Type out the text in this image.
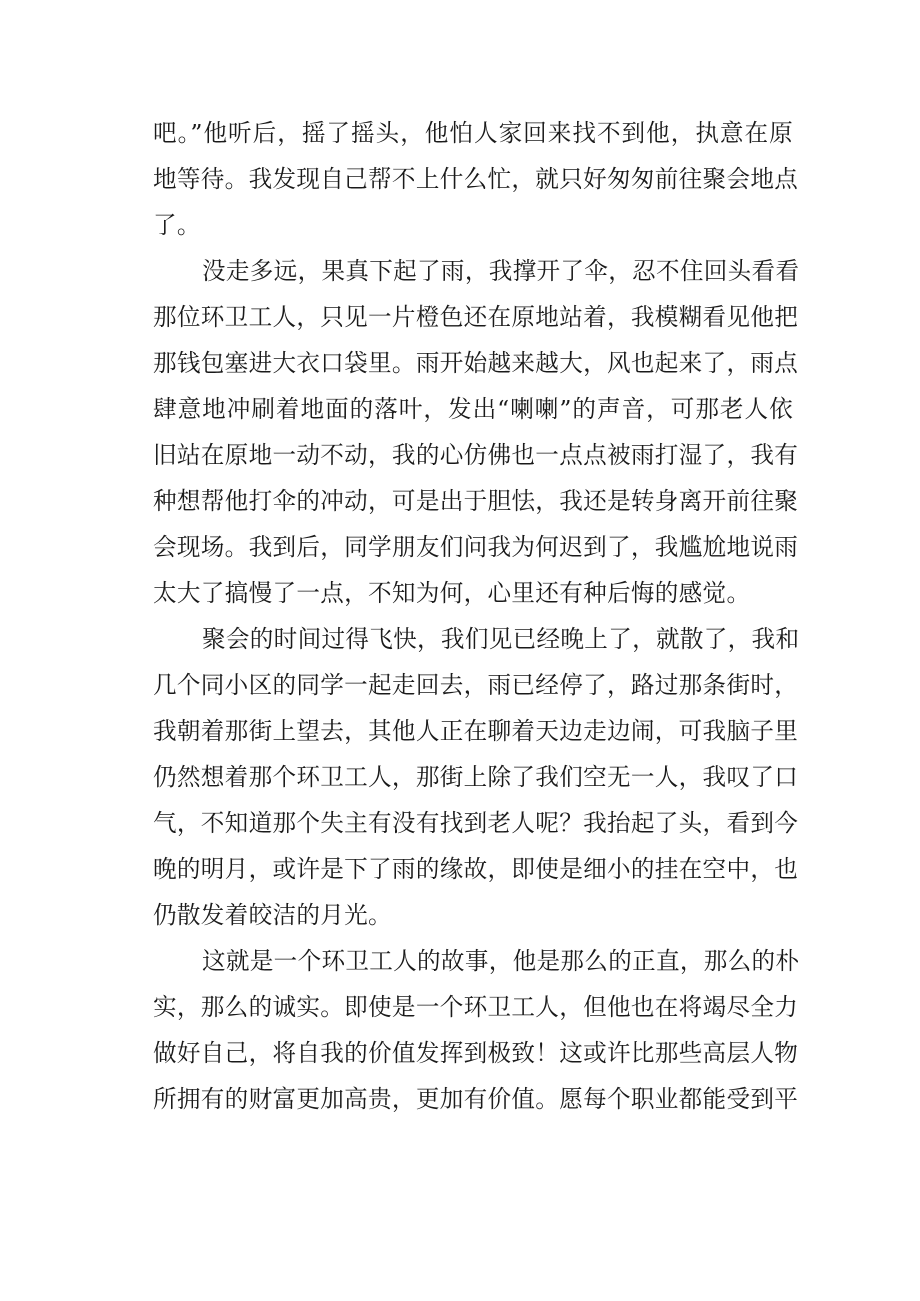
吧。”他听后，摇了摇头，他怕人家回来找不到他，执意在原
地等待。我发现自己帮不上什么忙，就只好匆匆前往聚会地点
了。
没走多远，果真下起了雨，我撑开了伞，忍不住回头看看
那位环卫工人，只见一片橙色还在原地站着，我模糊看见他把
那钱包塞进大衣口袋里。雨开始越来越大，风也起来了，雨点
肆意地冲刷着地面的落叶，发出“喇喇”的声音，可那老人依
旧站在原地一动不动，我的心仿佛也一点点被雨打湿了，我有
种想帮他打伞的冲动，可是出于胆怯，我还是转身离开前往聚
会现场。我到后，同学朋友们问我为何迟到了，我尴尬地说雨
太大了搞慢了一点，不知为何，心里还有种后悔的感觉。
聚会的时间过得飞快，我们见已经晚上了，就散了，我和
几个同小区的同学一起走回去，雨已经停了，路过那条街时，
我朝着那街上望去，其他人正在聊着天边走边闹，可我脑子里
仍然想着那个环卫工人，那街上除了我们空无一人，我叹了口
气，不知道那个失主有没有找到老人呢？我抬起了头，看到今
晚的明月，或许是下了雨的缘故，即使是细小的挂在空中，也
仍散发着皎洁的月光。
这就是一个环卫工人的故事，他是那么的正直，那么的朴
实，那么的诚实。即使是一个环卫工人，但他也在将竭尽全力
做好自己，将自我的价值发挥到极致！这或许比那些高层人物
所拥有的财富更加高贵，更加有价值。愿每个职业都能受到平
